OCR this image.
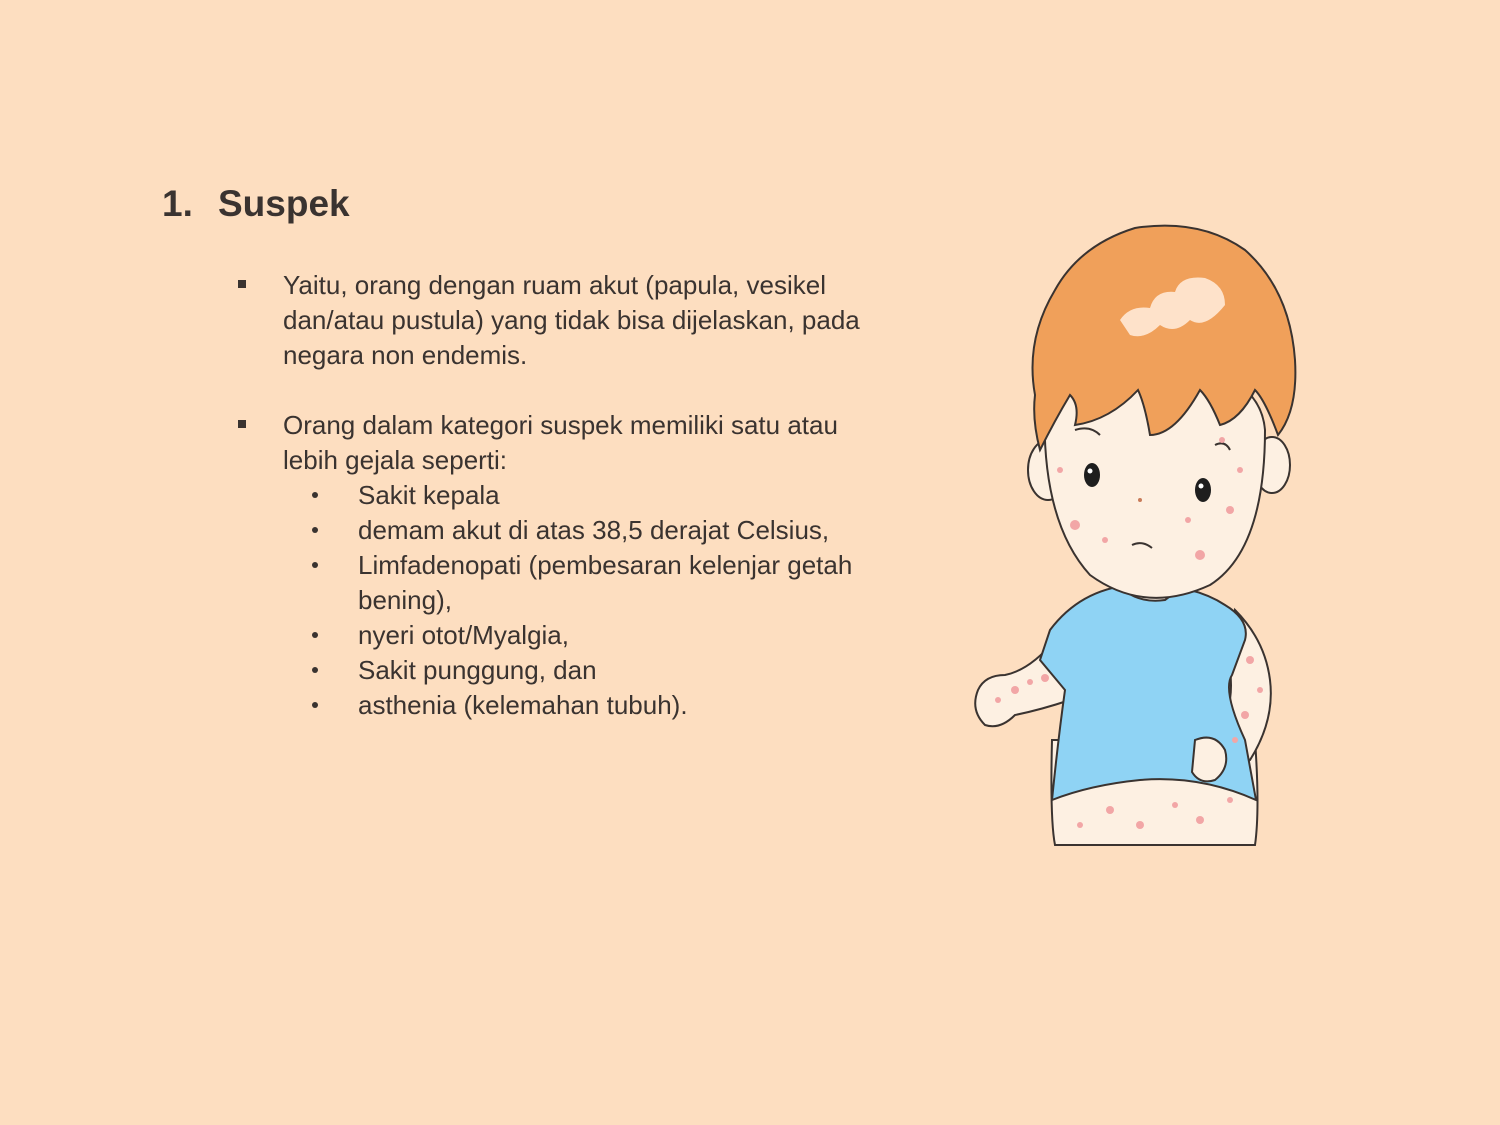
1. Suspek
Yaitu, orang dengan ruam akut (papula, vesikel dan/atau pustula) yang tidak bisa dijelaskan, pada negara non endemis.
Orang dalam kategori suspek memiliki satu atau lebih gejala seperti:
Sakit kepala
demam akut di atas 38,5 derajat Celsius,
Limfadenopati (pembesaran kelenjar getah bening),
nyeri otot/Myalgia,
Sakit punggung, dan
asthenia (kelemahan tubuh).
